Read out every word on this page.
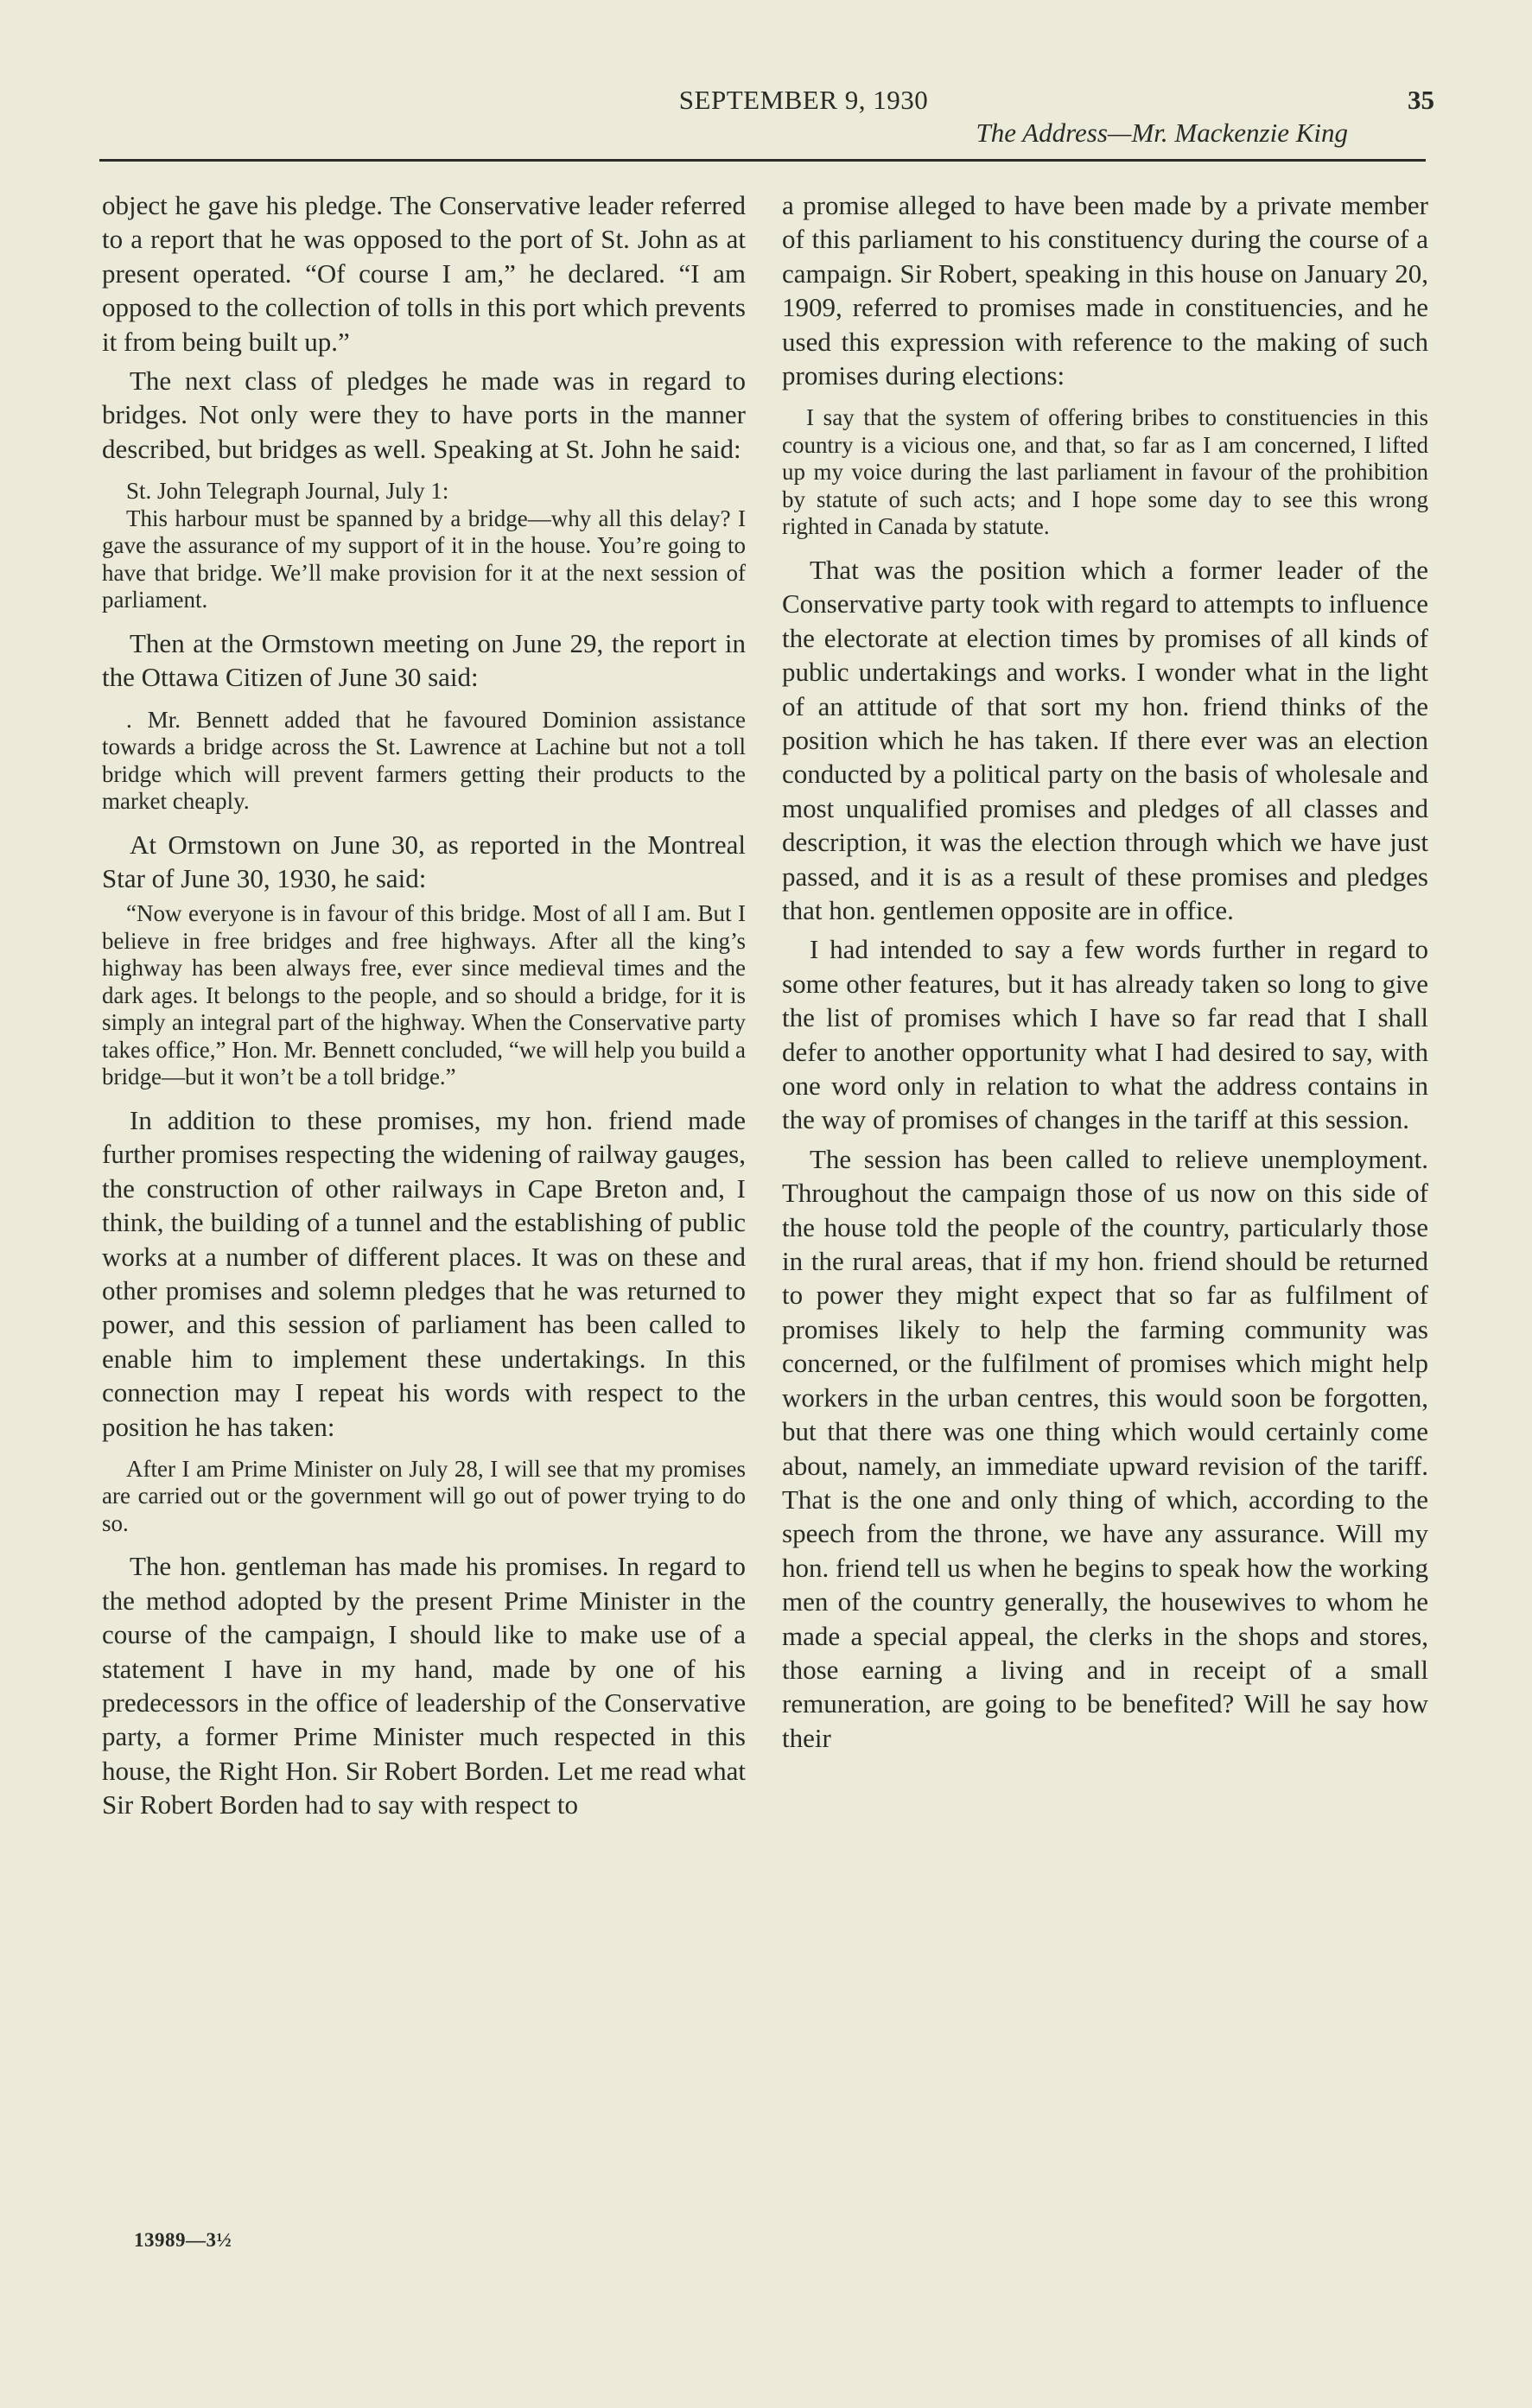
SEPTEMBER 9, 1930	35
The Address—Mr. Mackenzie King

object he gave his pledge. The Conservative leader referred to a report that he was opposed to the port of St. John as at present operated. “Of course I am,” he declared. “I am opposed to the collection of tolls in this port which prevents it from being built up.”

The next class of pledges he made was in regard to bridges. Not only were they to have ports in the manner described, but bridges as well. Speaking at St. John he said:

St. John Telegraph Journal, July 1:

This harbour must be spanned by a bridge—why all this delay? I gave the assurance of my support of it in the house. You’re going to have that bridge. We’ll make provision for it at the next session of parliament.

Then at the Ormstown meeting on June 29, the report in the Ottawa Citizen of June 30 said:

. Mr. Bennett added that he favoured Dominion assistance towards a bridge across the St. Lawrence at Lachine but not a toll bridge which will prevent farmers getting their products to the market cheaply.

At Ormstown on June 30, as reported in the Montreal Star of June 30, 1930, he said:

“Now everyone is in favour of this bridge. Most of all I am. But I believe in free bridges and free highways. After all the king’s highway has been always free, ever since medieval times and the dark ages. It belongs to the people, and so should a bridge, for it is simply an integral part of the highway. When the Conservative party takes office,” Hon. Mr. Bennett concluded, “we will help you build a bridge—but it won’t be a toll bridge.”

In addition to these promises, my hon. friend made further promises respecting the widening of railway gauges, the construction of other railways in Cape Breton and, I think, the building of a tunnel and the establishing of public works at a number of different places. It was on these and other promises and solemn pledges that he was returned to power, and this session of parliament has been called to enable him to implement these undertakings. In this connection may I repeat his words with respect to the position he has taken:

After I am Prime Minister on July 28, I will see that my promises are carried out or the government will go out of power trying to do so.

The hon. gentleman has made his promises. In regard to the method adopted by the present Prime Minister in the course of the campaign, I should like to make use of a statement I have in my hand, made by one of his predecessors in the office of leadership of the Conservative party, a former Prime Minister much respected in this house, the Right Hon. Sir Robert Borden. Let me read what Sir Robert Borden had to say with respect to

a promise alleged to have been made by a private member of this parliament to his constituency during the course of a campaign. Sir Robert, speaking in this house on January 20, 1909, referred to promises made in constituencies, and he used this expression with reference to the making of such promises during elections:

I say that the system of offering bribes to constituencies in this country is a vicious one, and that, so far as I am concerned, I lifted up my voice during the last parliament in favour of the prohibition by statute of such acts; and I hope some day to see this wrong righted in Canada by statute.

That was the position which a former leader of the Conservative party took with regard to attempts to influence the electorate at election times by promises of all kinds of public undertakings and works. I wonder what in the light of an attitude of that sort my hon. friend thinks of the position which he has taken. If there ever was an election conducted by a political party on the basis of wholesale and most unqualified promises and pledges of all classes and description, it was the election through which we have just passed, and it is as a result of these promises and pledges that hon. gentlemen opposite are in office.

I had intended to say a few words further in regard to some other features, but it has already taken so long to give the list of promises which I have so far read that I shall defer to another opportunity what I had desired to say, with one word only in relation to what the address contains in the way of promises of changes in the tariff at this session.

The session has been called to relieve unemployment. Throughout the campaign those of us now on this side of the house told the people of the country, particularly those in the rural areas, that if my hon. friend should be returned to power they might expect that so far as fulfilment of promises likely to help the farming community was concerned, or the fulfilment of promises which might help workers in the urban centres, this would soon be forgotten, but that there was one thing which would certainly come about, namely, an immediate upward revision of the tariff. That is the one and only thing of which, according to the speech from the throne, we have any assurance. Will my hon. friend tell us when he begins to speak how the working men of the country generally, the housewives to whom he made a special appeal, the clerks in the shops and stores, those earning a living and in receipt of a small remuneration, are going to be benefited? Will he say how their

13989—3½
